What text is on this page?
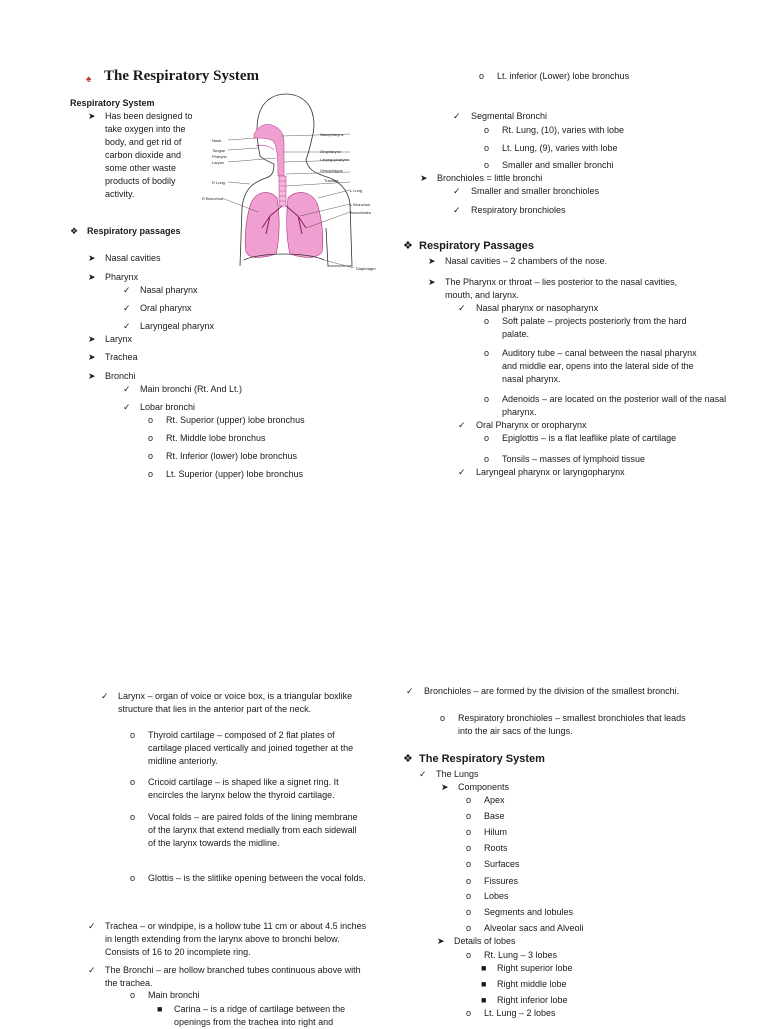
♠ The Respiratory System
Respiratory System
➤ Has been designed to take oxygen into the body, and get rid of carbon dioxide and some other waste products of bodily activity.
❖ Respiratory passages
➤ Nasal cavities
➤ Pharynx
✓ Nasal pharynx
✓ Oral pharynx
✓ Laryngeal pharynx
➤ Larynx
➤ Trachea
➤ Bronchi
✓ Main bronchi (Rt. And Lt.)
✓ Lobar bronchi
o Rt. Superior (upper) lobe bronchus
o Rt. Middle lobe bronchus
o Rt. Inferior (lower) lobe bronchus
o Lt. Superior (upper) lobe bronchus
Nose
Tongue
Pharynx
Larynx
R Lung
R Bronchus
Nasopharynx
Oropharynx
Laryngopharynx
Oesophagus
Trachea
L Lung
L Bronchus
Bronchioles
Diaphragm
o Lt. inferior (Lower) lobe bronchus
✓ Segmental Bronchi
o Rt. Lung, (10), varies with lobe
o Lt. Lung, (9), varies with lobe
o Smaller and smaller bronchi
➤ Bronchioles = little bronchi
✓ Smaller and smaller bronchioles
✓ Respiratory bronchioles
❖ Respiratory Passages
➤ Nasal cavities – 2 chambers of the nose.
➤ The Pharynx or throat – lies posterior to the nasal cavities, mouth, and larynx.
✓ Nasal pharynx or nasopharynx
o Soft palate – projects posteriorly from the hard palate.
o Auditory tube – canal between the nasal pharynx and middle ear, opens into the lateral side of the nasal pharynx.
o Adenoids – are located on the posterior wall of the nasal pharynx.
✓ Oral Pharynx or oropharynx
o Epiglottis – is a flat leaflike plate of cartilage
o Tonsils – masses of lymphoid tissue
✓ Laryngeal pharynx or laryngopharynx
✓ Larynx – organ of voice or voice box, is a triangular boxlike structure that lies in the anterior part of the neck.
o Thyroid cartilage – composed of 2 flat plates of cartilage placed vertically and joined together at the midline anteriorly.
o Cricoid cartilage – is shaped like a signet ring. It encircles the larynx below the thyroid cartilage.
o Vocal folds – are paired folds of the lining membrane of the larynx that extend medially from each sidewall of the larynx towards the midline.
o Glottis – is the slitlike opening between the vocal folds.
✓ Trachea – or windpipe, is a hollow tube 11 cm or about 4.5 inches in length extending from the larynx above to bronchi below. Consists of 16 to 20 incomplete ring.
✓ The Bronchi – are hollow branched tubes continuous above with the trachea.
o Main bronchi
■ Carina – is a ridge of cartilage between the openings from the trachea into right and
✓ Bronchioles – are formed by the division of the smallest bronchi.
o Respiratory bronchioles – smallest bronchioles that leads into the air sacs of the lungs.
❖ The Respiratory System
✓ The Lungs
➤ Components
o Apex
o Base
o Hilum
o Roots
o Surfaces
o Fissures
o Lobes
o Segments and lobules
o Alveolar sacs and Alveoli
➤ Details of lobes
o Rt. Lung – 3 lobes
■ Right superior lobe
■ Right middle lobe
■ Right inferior lobe
o Lt. Lung – 2 lobes
